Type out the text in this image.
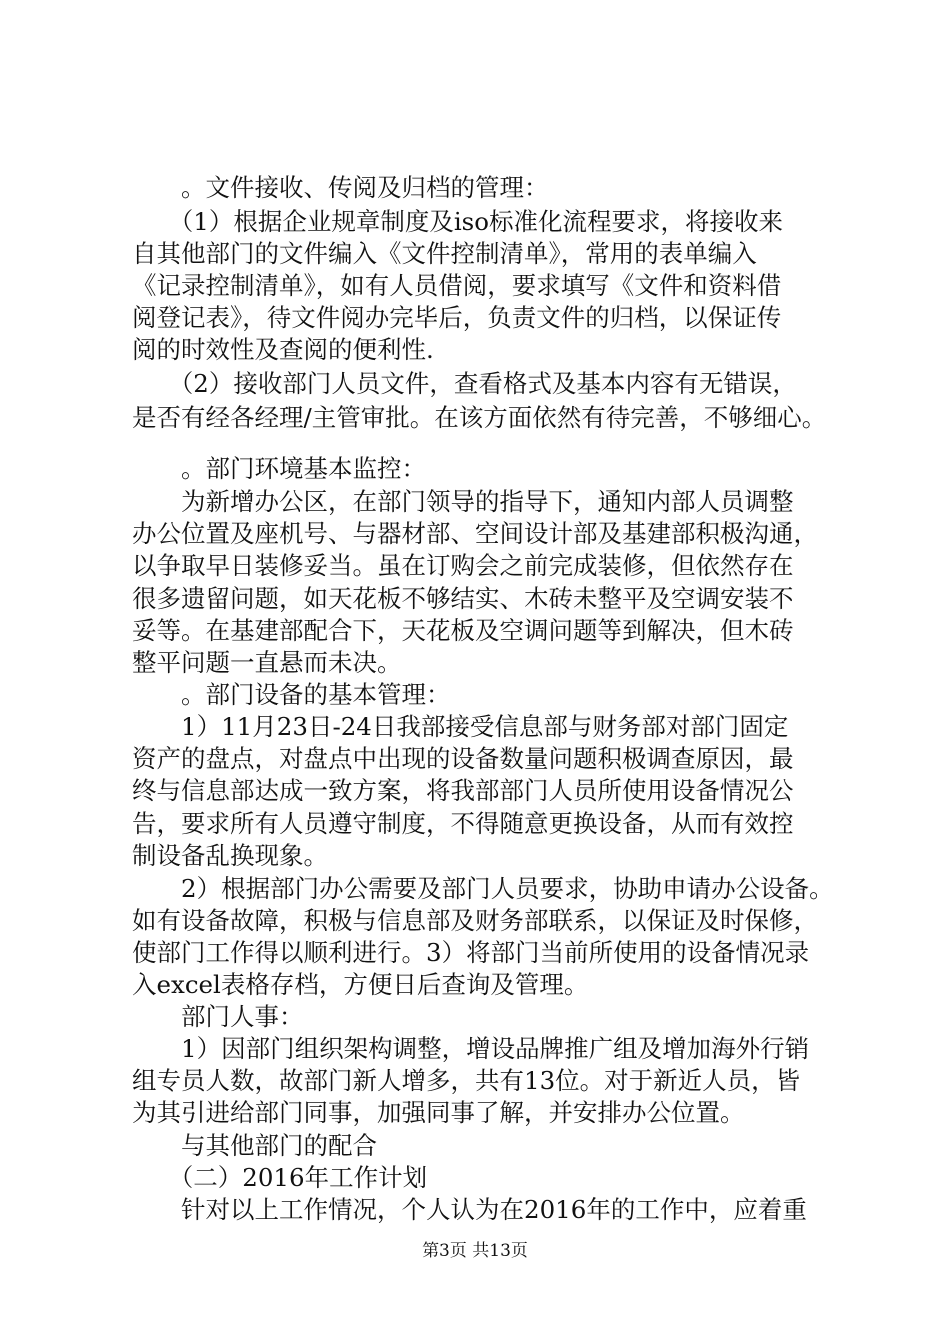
　　。文件接收、传阅及归档的管理：
　　（1）根据企业规章制度及iso标准化流程要求，将接收来
自其他部门的文件编入《文件控制清单》，常用的表单编入
《记录控制清单》，如有人员借阅，要求填写《文件和资料借
阅登记表》，待文件阅办完毕后，负责文件的归档，以保证传
阅的时效性及查阅的便利性.
　　（2）接收部门人员文件，查看格式及基本内容有无错误，
是否有经各经理/主管审批。在该方面依然有待完善，不够细心。
　　。部门环境基本监控：
　　为新增办公区，在部门领导的指导下，通知内部人员调整
办公位置及座机号、与器材部、空间设计部及基建部积极沟通，
以争取早日装修妥当。虽在订购会之前完成装修，但依然存在
很多遗留问题，如天花板不够结实、木砖未整平及空调安装不
妥等。在基建部配合下，天花板及空调问题等到解决，但木砖
整平问题一直悬而未决。
　　。部门设备的基本管理：
　　1）11月23日-24日我部接受信息部与财务部对部门固定
资产的盘点，对盘点中出现的设备数量问题积极调查原因，最
终与信息部达成一致方案，将我部部门人员所使用设备情况公
告，要求所有人员遵守制度，不得随意更换设备，从而有效控
制设备乱换现象。
　　2）根据部门办公需要及部门人员要求，协助申请办公设备。
如有设备故障，积极与信息部及财务部联系，以保证及时保修，
使部门工作得以顺利进行。3）将部门当前所使用的设备情况录
入excel表格存档，方便日后查询及管理。
　　部门人事：
　　1）因部门组织架构调整，增设品牌推广组及增加海外行销
组专员人数，故部门新人增多，共有13位。对于新近人员，皆
为其引进给部门同事，加强同事了解，并安排办公位置。
　　与其他部门的配合
　　（二）2016年工作计划
　　针对以上工作情况，个人认为在2016年的工作中，应着重
第3页 共13页
